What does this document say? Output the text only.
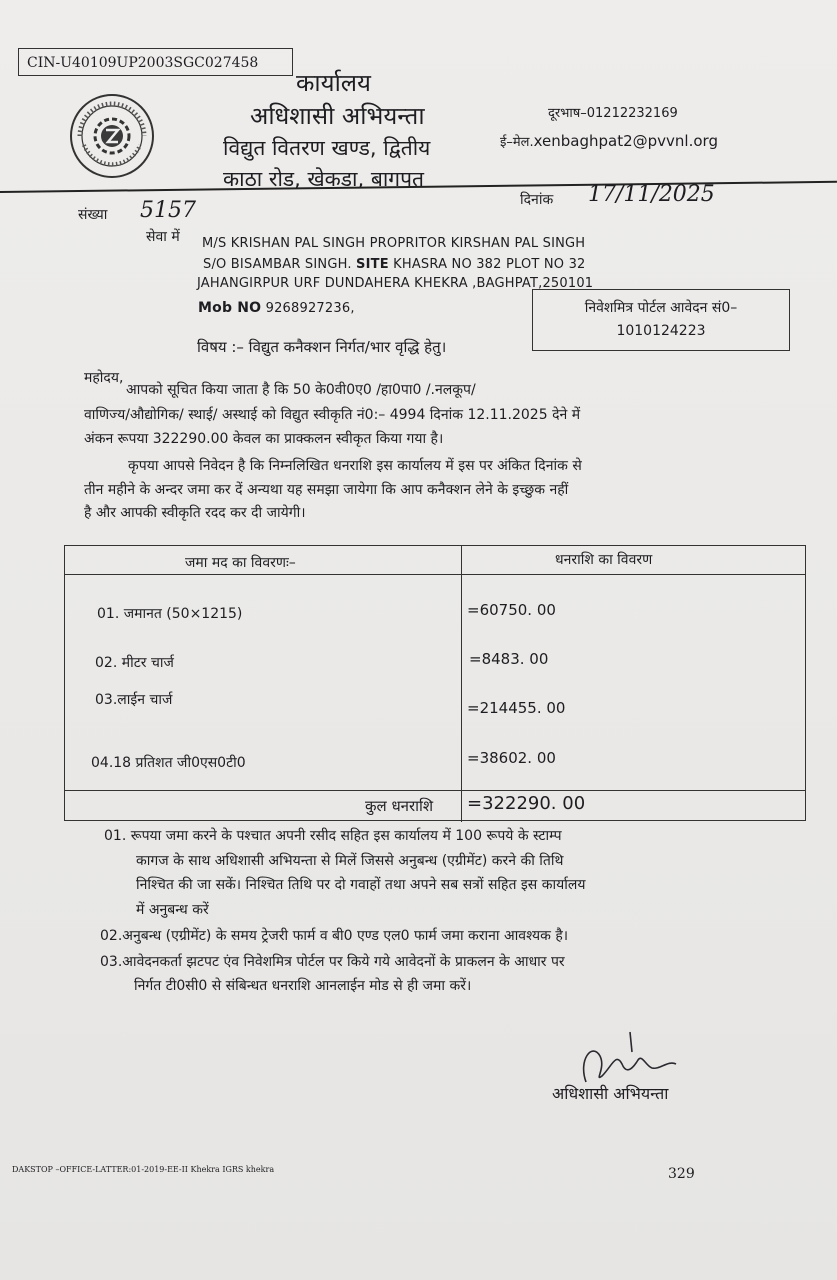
CIN-U40109UP2003SGC027458
कार्यालय
अधिशासी अभियन्ता
विद्युत वितरण खण्ड, द्वितीय
काठा रोड, खेकडा, बागपत
दूरभाष–01212232169
ई–मेल.xenbaghpat2@pvvnl.org
संख्या 5157	दिनांक 17/11/2025
सेवा में M/S KRISHAN PAL SINGH PROPRITOR KIRSHAN PAL SINGH
S/O BISAMBAR SINGH. SITE KHASRA NO 382 PLOT NO 32
JAHANGIRPUR URF DUNDAHERA KHEKRA ,BAGHPAT,250101
Mob NO 9268927236,	निवेशमित्र पोर्टल आवेदन सं0–
1010124223
विषय :– विद्युत कनैक्शन निर्गत/भार वृद्धि हेतु।
महोदय,
आपको सूचित किया जाता है कि 50 के0वी0ए0 /हा0पा0 /.नलकूप/
वाणिज्य/औद्योगिक/ स्थाई/ अस्थाई को विद्युत स्वीकृति नं0:– 4994 दिनांक 12.11.2025 देने में
अंकन रूपया 322290.00 केवल का प्राक्कलन स्वीकृत किया गया है।
कृपया आपसे निवेदन है कि निम्नलिखित धनराशि इस कार्यालय में इस पर अंकित दिनांक से
तीन महीने के अन्दर जमा कर दें अन्यथा यह समझा जायेगा कि आप कनैक्शन लेने के इच्छुक नहीं
है और आपकी स्वीकृति रदद कर दी जायेगी।
जमा मद का विवरणः–	धनराशि का विवरण
01. जमानत (50×1215)	=60750. 00
02. मीटर चार्ज	=8483. 00
03.लाईन चार्ज	=214455. 00
04.18 प्रतिशत जी0एस0टी0	=38602. 00
कुल धनराशि =322290. 00
01. रूपया जमा करने के पश्चात अपनी रसीद सहित इस कार्यालय में 100 रूपये के स्टाम्प
कागज के साथ अधिशासी अभियन्ता से मिलें जिससे अनुबन्ध (एग्रीमेंट) करने की तिथि
निश्चित की जा सकें। निश्चित तिथि पर दो गवाहों तथा अपने सब सत्रों सहित इस कार्यालय
में अनुबन्ध करें
02.अनुबन्ध (एग्रीमेंट) के समय ट्रेजरी फार्म व बी0 एण्ड एल0 फार्म जमा कराना आवश्यक है।
03.आवेदनकर्ता झटपट एंव निवेशमित्र पोर्टल पर किये गये आवेदनों के प्राकलन के आधार पर
निर्गत टी0सी0 से संबिन्धत धनराशि आनलाईन मोड से ही जमा करें।
अधिशासी अभियन्ता
DAKSTOP –OFFICE-LATTER:01-2019-EE-II Khekra IGRS khekra	329
